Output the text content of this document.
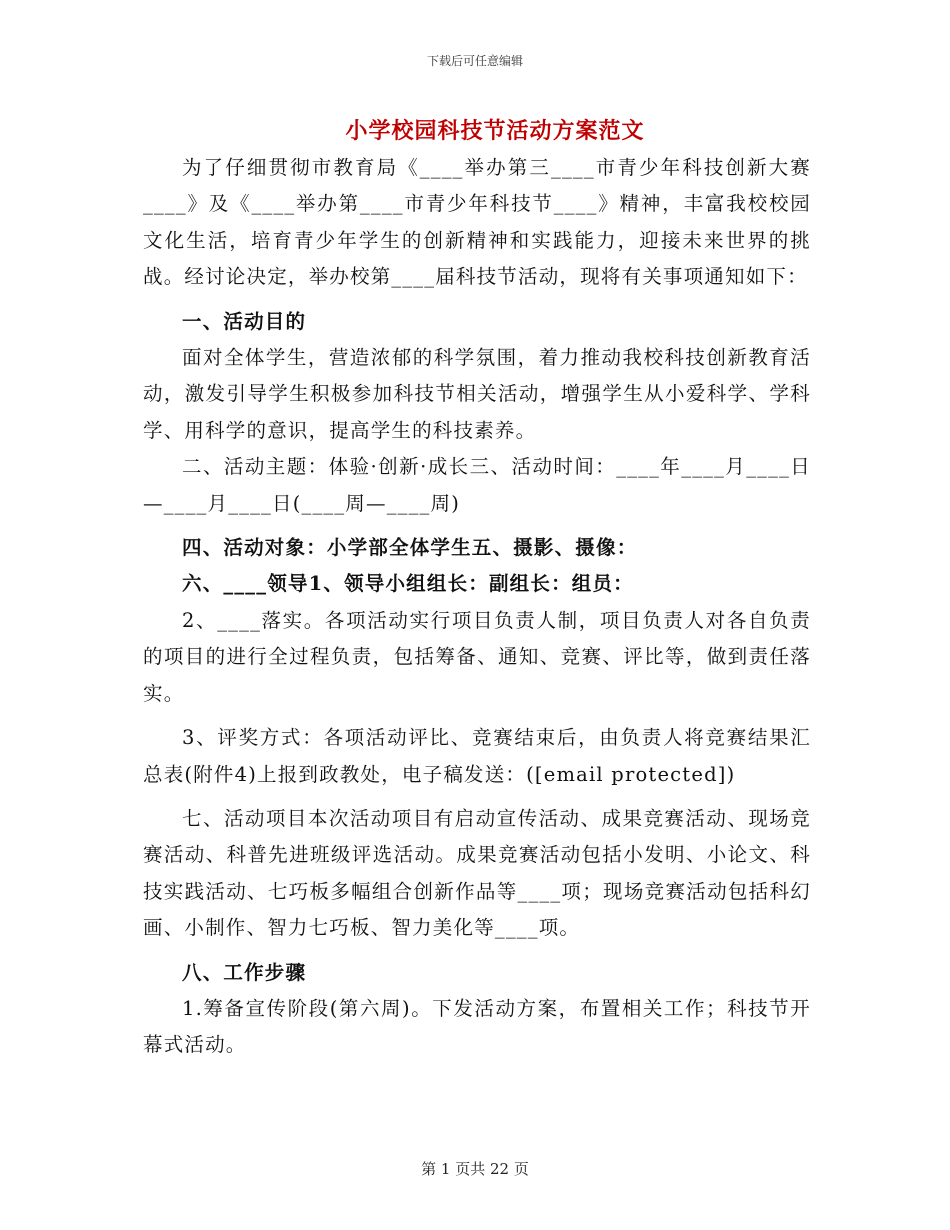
下载后可任意编辑
小学校园科技节活动方案范文

为了仔细贯彻市教育局《____举办第三____市青少年科技创新大赛____》及《____举办第____市青少年科技节____》精神，丰富我校校园文化生活，培育青少年学生的创新精神和实践能力，迎接未来世界的挑战。经讨论决定，举办校第____届科技节活动，现将有关事项通知如下：

一、活动目的

面对全体学生，营造浓郁的科学氛围，着力推动我校科技创新教育活动，激发引导学生积极参加科技节相关活动，增强学生从小爱科学、学科学、用科学的意识，提高学生的科技素养。

二、活动主题：体验·创新·成长三、活动时间：____年____月____日—____月____日(____周—____周)

四、活动对象：小学部全体学生五、摄影、摄像：

六、____领导1、领导小组组长：副组长：组员：

2、____落实。各项活动实行项目负责人制，项目负责人对各自负责的项目的进行全过程负责，包括筹备、通知、竞赛、评比等，做到责任落实。

3、评奖方式：各项活动评比、竞赛结束后，由负责人将竞赛结果汇总表(附件4)上报到政教处，电子稿发送：([email protected])

七、活动项目本次活动项目有启动宣传活动、成果竞赛活动、现场竞赛活动、科普先进班级评选活动。成果竞赛活动包括小发明、小论文、科技实践活动、七巧板多幅组合创新作品等____项；现场竞赛活动包括科幻画、小制作、智力七巧板、智力美化等____项。

八、工作步骤

1.筹备宣传阶段(第六周)。下发活动方案，布置相关工作；科技节开幕式活动。

第 1 页共 22 页
